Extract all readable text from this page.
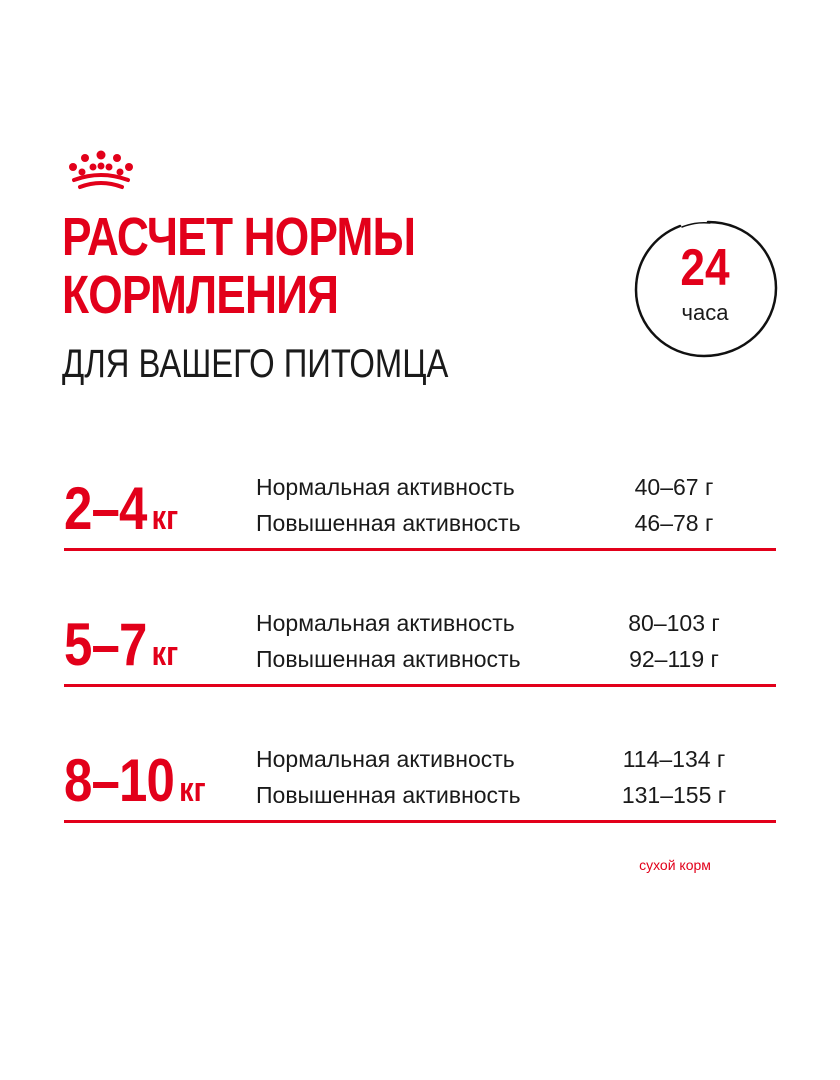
РАСЧЕТ НОРМЫ
КОРМЛЕНИЯ
ДЛЯ ВАШЕГО ПИТОМЦА
24
часа
2–4 кг
Нормальная активность	40–67 г
Повышенная активность	46–78 г
5–7 кг
Нормальная активность	80–103 г
Повышенная активность	92–119 г
8–10 кг
Нормальная активность	114–134 г
Повышенная активность	131–155 г
сухой корм
